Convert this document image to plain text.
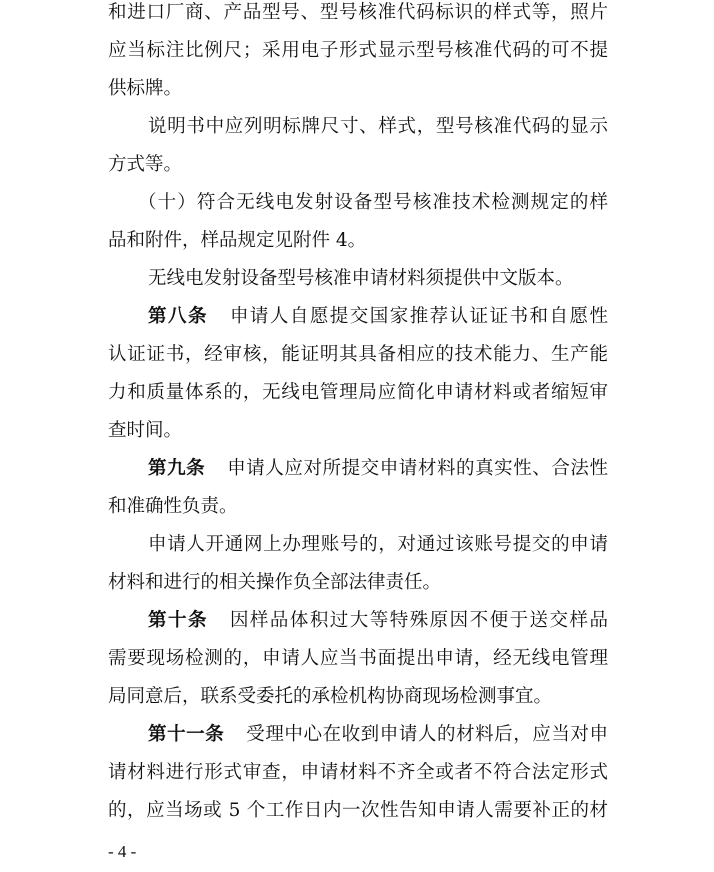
和进口厂商、产品型号、型号核准代码标识的样式等，照片
应当标注比例尺；采用电子形式显示型号核准代码的可不提
供标牌。
说明书中应列明标牌尺寸、样式，型号核准代码的显示
方式等。
（十）符合无线电发射设备型号核准技术检测规定的样
品和附件，样品规定见附件 4。
无线电发射设备型号核准申请材料须提供中文版本。
第八条 申请人自愿提交国家推荐认证证书和自愿性
认证证书，经审核，能证明其具备相应的技术能力、生产能
力和质量体系的，无线电管理局应简化申请材料或者缩短审
查时间。
第九条 申请人应对所提交申请材料的真实性、合法性
和准确性负责。
申请人开通网上办理账号的，对通过该账号提交的申请
材料和进行的相关操作负全部法律责任。
第十条 因样品体积过大等特殊原因不便于送交样品
需要现场检测的，申请人应当书面提出申请，经无线电管理
局同意后，联系受委托的承检机构协商现场检测事宜。
第十一条 受理中心在收到申请人的材料后，应当对申
请材料进行形式审查，申请材料不齐全或者不符合法定形式
的，应当场或 5 个工作日内一次性告知申请人需要补正的材
- 4 -
